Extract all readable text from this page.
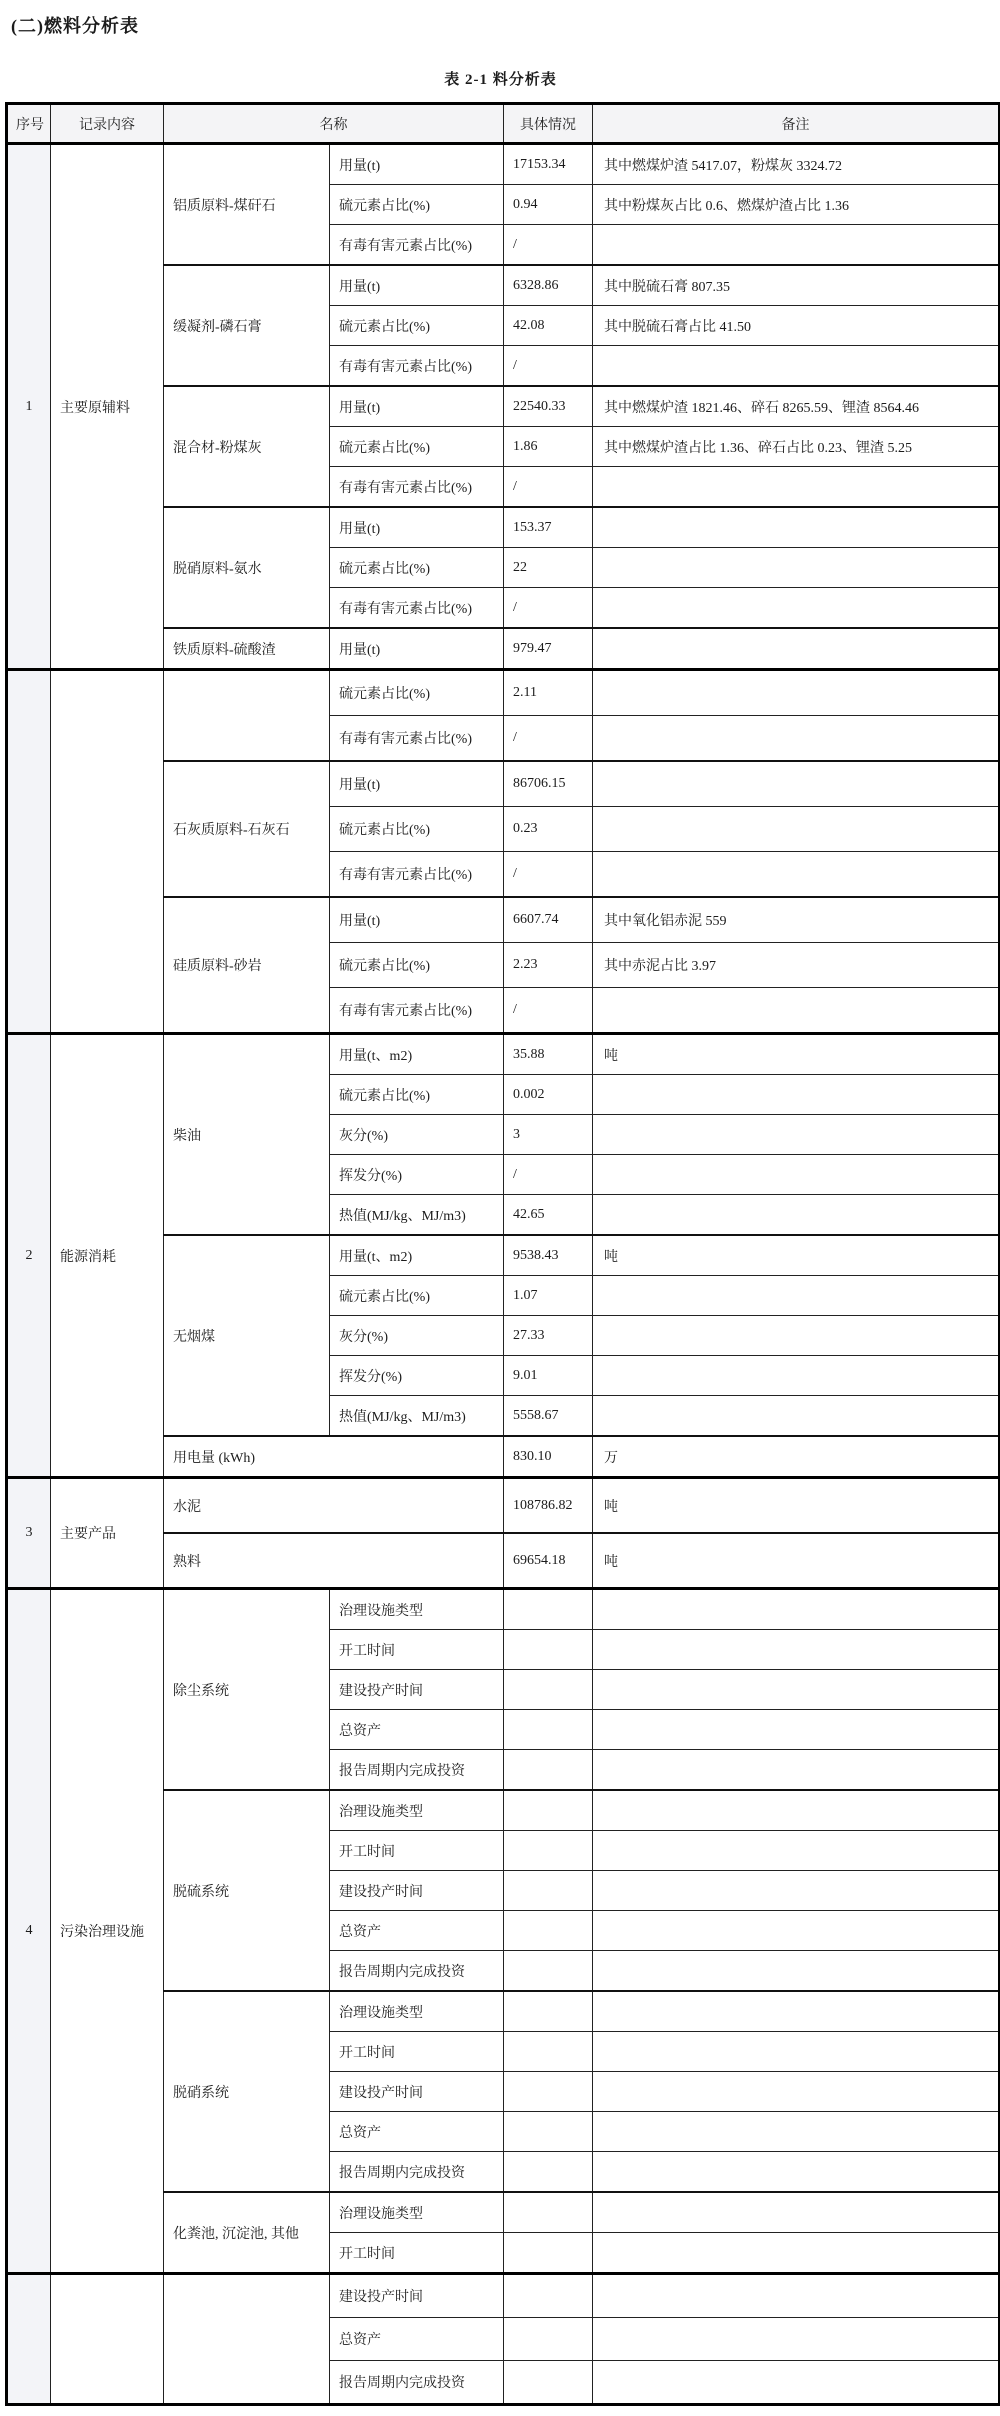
(二)燃料分析表
表 2-1 料分析表
序号	记录内容	名称		具体情况	备注
1	主要原辅料	铝质原料-煤矸石	用量(t)	17153.34	其中燃煤炉渣 5417.07，粉煤灰 3324.72
			硫元素占比(%)	0.94	其中粉煤灰占比 0.6、燃煤炉渣占比 1.36
			有毒有害元素占比(%)	/	
		缓凝剂-磷石膏	用量(t)	6328.86	其中脱硫石膏 807.35
			硫元素占比(%)	42.08	其中脱硫石膏占比 41.50
			有毒有害元素占比(%)	/	
		混合材-粉煤灰	用量(t)	22540.33	其中燃煤炉渣 1821.46、碎石 8265.59、锂渣 8564.46
			硫元素占比(%)	1.86	其中燃煤炉渣占比 1.36、碎石占比 0.23、锂渣 5.25
			有毒有害元素占比(%)	/	
		脱硝原料-氨水	用量(t)	153.37	
			硫元素占比(%)	22	
			有毒有害元素占比(%)	/	
		铁质原料-硫酸渣	用量(t)	979.47	
			硫元素占比(%)	2.11	
			有毒有害元素占比(%)	/	
		石灰质原料-石灰石	用量(t)	86706.15	
			硫元素占比(%)	0.23	
			有毒有害元素占比(%)	/	
		硅质原料-砂岩	用量(t)	6607.74	其中氧化铝赤泥 559
			硫元素占比(%)	2.23	其中赤泥占比 3.97
			有毒有害元素占比(%)	/	
2	能源消耗	柴油	用量(t、m2)	35.88	吨
			硫元素占比(%)	0.002	
			灰分(%)	3	
			挥发分(%)	/	
			热值(MJ/kg、MJ/m3)	42.65	
		无烟煤	用量(t、m2)	9538.43	吨
			硫元素占比(%)	1.07	
			灰分(%)	27.33	
			挥发分(%)	9.01	
			热值(MJ/kg、MJ/m3)	5558.67	
		用电量 (kWh)		830.10	万
3	主要产品	水泥		108786.82	吨
		熟料		69654.18	吨
4	污染治理设施	除尘系统	治理设施类型		
			开工时间		
			建设投产时间		
			总资产		
			报告周期内完成投资		
		脱硫系统	治理设施类型		
			开工时间		
			建设投产时间		
			总资产		
			报告周期内完成投资		
		脱硝系统	治理设施类型		
			开工时间		
			建设投产时间		
			总资产		
			报告周期内完成投资		
		化粪池, 沉淀池, 其他	治理设施类型		
			开工时间		
			建设投产时间		
			总资产		
			报告周期内完成投资		
